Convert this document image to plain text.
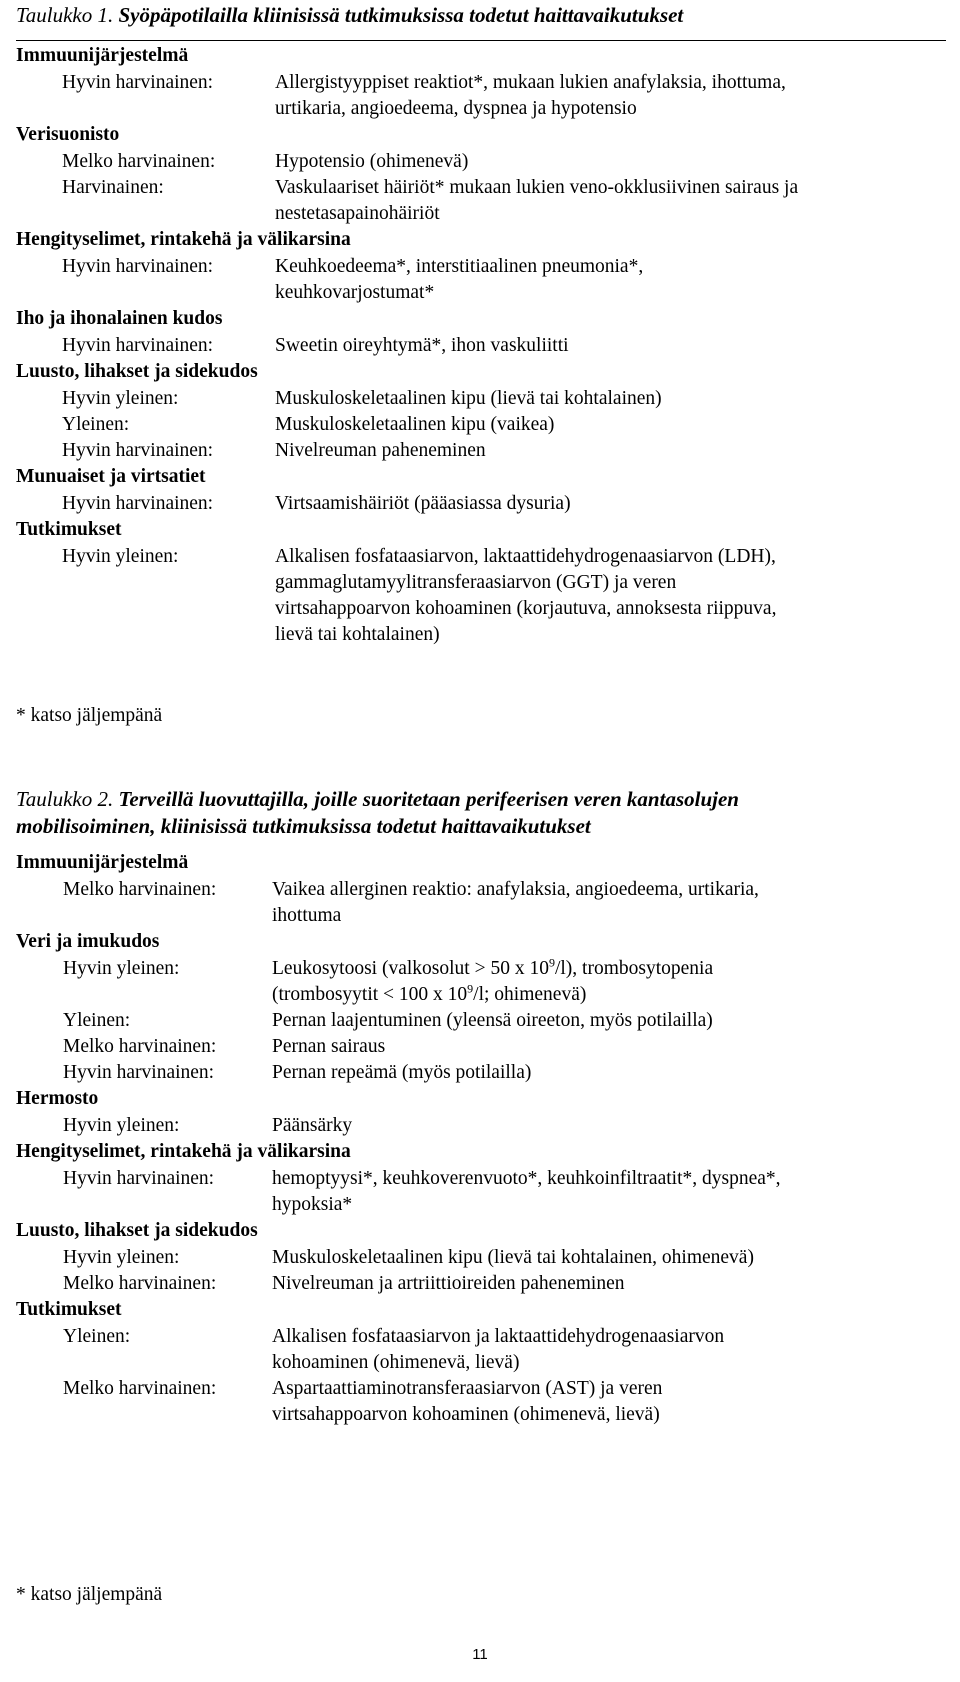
Taulukko 1. Syöpäpotilailla kliinisissä tutkimuksissa todetut haittavaikutukset
Immuunijärjestelmä
Hyvin harvinainen:	Allergistyyppiset reaktiot*, mukaan lukien anafylaksia, ihottuma,
urtikaria, angioedeema, dyspnea ja hypotensio
Verisuonisto
Melko harvinainen:	Hypotensio (ohimenevä)
Harvinainen:	Vaskulaariset häiriöt* mukaan lukien veno-okklusiivinen sairaus ja
nestetasapainohäiriöt
Hengityselimet, rintakehä ja välikarsina
Hyvin harvinainen:	Keuhkoedeema*, interstitiaalinen pneumonia*,
keuhkovarjostumat*
Iho ja ihonalainen kudos
Hyvin harvinainen:	Sweetin oireyhtymä*, ihon vaskuliitti
Luusto, lihakset ja sidekudos
Hyvin yleinen:	Muskuloskeletaalinen kipu (lievä tai kohtalainen)
Yleinen:	Muskuloskeletaalinen kipu (vaikea)
Hyvin harvinainen:	Nivelreuman paheneminen
Munuaiset ja virtsatiet
Hyvin harvinainen:	Virtsaamishäiriöt (pääasiassa dysuria)
Tutkimukset
Hyvin yleinen:	Alkalisen fosfataasiarvon, laktaattidehydrogenaasiarvon (LDH),
gammaglutamyylitransferaasiarvon (GGT) ja veren
virtsahappoarvon kohoaminen (korjautuva, annoksesta riippuva,
lievä tai kohtalainen)
* katso jäljempänä
Taulukko 2. Terveillä luovuttajilla, joille suoritetaan perifeerisen veren kantasolujen
mobilisoiminen, kliinisissä tutkimuksissa todetut haittavaikutukset
Immuunijärjestelmä
Melko harvinainen:	Vaikea allerginen reaktio: anafylaksia, angioedeema, urtikaria,
ihottuma
Veri ja imukudos
Hyvin yleinen:	Leukosytoosi (valkosolut > 50 x $10^9/l$), trombosytopenia
(trombosyytit < 100 x $10^9/l$; ohimenevä)
Yleinen:	Pernan laajentuminen (yleensä oireeton, myös potilailla)
Melko harvinainen:	Pernan sairaus
Hyvin harvinainen:	Pernan repeämä (myös potilailla)
Hermosto
Hyvin yleinen:	Päänsärky
Hengityselimet, rintakehä ja välikarsina
Hyvin harvinainen:	hemoptyysi*, keuhkoverenvuoto*, keuhkoinfiltraatit*, dyspnea*,
hypoksia*
Luusto, lihakset ja sidekudos
Hyvin yleinen:	Muskuloskeletaalinen kipu (lievä tai kohtalainen, ohimenevä)
Melko harvinainen:	Nivelreuman ja artriittioireiden paheneminen
Tutkimukset
Yleinen:	Alkalisen fosfataasiarvon ja laktaattidehydrogenaasiarvon
kohoaminen (ohimenevä, lievä)
Melko harvinainen:	Aspartaattiaminotransferaasiarvon (AST) ja veren
virtsahappoarvon kohoaminen (ohimenevä, lievä)
* katso jäljempänä
11
